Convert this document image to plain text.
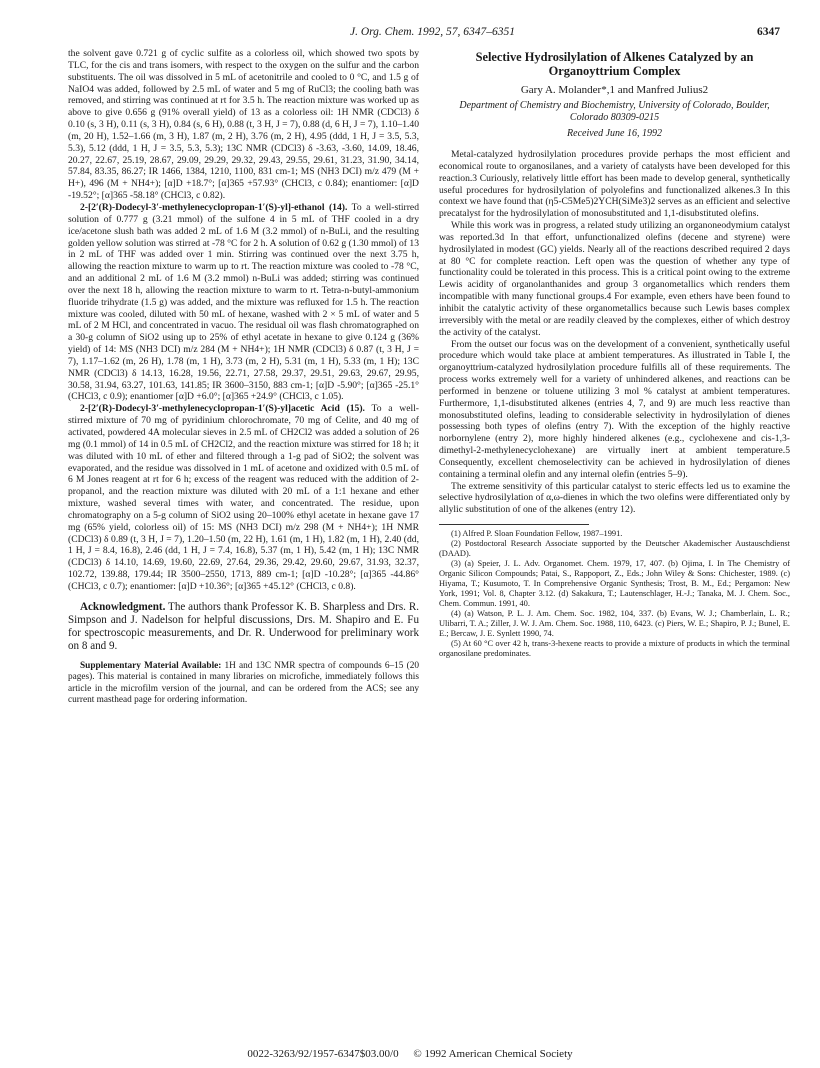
J. Org. Chem. 1992, 57, 6347–6351	6347

the solvent gave 0.721 g of cyclic sulfite as a colorless oil, which showed two spots by TLC, for the cis and trans isomers, with respect to the oxygen on the sulfur and the carbon substituents. The oil was dissolved in 5 mL of acetonitrile and cooled to 0 °C, and 1.5 g of NaIO4 was added, followed by 2.5 mL of water and 5 mg of RuCl3; the cooling bath was removed, and stirring was continued at rt for 3.5 h. The reaction mixture was worked up as above to give 0.656 g (91% overall yield) of 13 as a colorless oil: 1H NMR (CDCl3) δ 0.10 (s, 3 H), 0.11 (s, 3 H), 0.84 (s, 6 H), 0.88 (t, 3 H, J = 7), 0.88 (d, 6 H, J = 7), 1.10–1.40 (m, 20 H), 1.52–1.66 (m, 3 H), 1.87 (m, 2 H), 3.76 (m, 2 H), 4.95 (ddd, 1 H, J = 3.5, 5.3, 5.3), 5.12 (ddd, 1 H, J = 3.5, 5.3, 5.3); 13C NMR (CDCl3) δ -3.63, -3.60, 14.09, 18.46, 20.27, 22.67, 25.19, 28.67, 29.09, 29.29, 29.32, 29.43, 29.55, 29.61, 31.23, 31.90, 34.14, 57.84, 83.35, 86.27; IR 1466, 1384, 1210, 1100, 831 cm-1; MS (NH3 DCI) m/z 479 (M + H+), 496 (M + NH4+); [α]D +18.7°; [α]365 +57.93° (CHCl3, c 0.84); enantiomer: [α]D -19.52°; [α]365 -58.18° (CHCl3, c 0.82).

2-[2′(R)-Dodecyl-3′-methylenecyclopropan-1′(S)-yl]-ethanol (14). To a well-stirred solution of 0.777 g (3.21 mmol) of the sulfone 4 in 5 mL of THF cooled in a dry ice/acetone slush bath was added 2 mL of 1.6 M (3.2 mmol) of n-BuLi, and the resulting golden yellow solution was stirred at -78 °C for 2 h. A solution of 0.62 g (1.30 mmol) of 13 in 2 mL of THF was added over 1 min. Stirring was continued over the next 3.75 h, allowing the reaction mixture to warm up to rt. The reaction mixture was cooled to -78 °C, and an additional 2 mL of 1.6 M (3.2 mmol) n-BuLi was added; stirring was continued over the next 18 h, allowing the reaction mixture to warm to rt. Tetra-n-butyl-ammonium fluoride trihydrate (1.5 g) was added, and the mixture was refluxed for 1.5 h. The reaction mixture was cooled, diluted with 50 mL of hexane, washed with 2 × 5 mL of water and 5 mL of 2 M HCl, and concentrated in vacuo. The residual oil was flash chromatographed on a 30-g column of SiO2 using up to 25% of ethyl acetate in hexane to give 0.124 g (36% yield) of 14: MS (NH3 DCI) m/z 284 (M + NH4+); 1H NMR (CDCl3) δ 0.87 (t, 3 H, J = 7), 1.17–1.62 (m, 26 H), 1.78 (m, 1 H), 3.73 (m, 2 H), 5.31 (m, 1 H), 5.33 (m, 1 H); 13C NMR (CDCl3) δ 14.13, 16.28, 19.56, 22.71, 27.58, 29.37, 29.51, 29.63, 29.67, 29.95, 30.58, 31.94, 63.27, 101.63, 141.85; IR 3600–3150, 883 cm-1; [α]D -5.90°; [α]365 -25.1° (CHCl3, c 0.9); enantiomer [α]D +6.0°; [α]365 +24.9° (CHCl3, c 1.05).

2-[2′(R)-Dodecyl-3′-methylenecyclopropan-1′(S)-yl]acetic Acid (15). To a well-stirred mixture of 70 mg of pyridinium chlorochromate, 70 mg of Celite, and 40 mg of activated, powdered 4A molecular sieves in 2.5 mL of CH2Cl2 was added a solution of 26 mg (0.1 mmol) of 14 in 0.5 mL of CH2Cl2, and the reaction mixture was stirred for 18 h; it was diluted with 10 mL of ether and filtered through a 1-g pad of SiO2; the solvent was evaporated, and the residue was dissolved in 1 mL of acetone and oxidized with 0.5 mL of 6 M Jones reagent at rt for 6 h; excess of the reagent was reduced with the addition of 2-propanol, and the reaction mixture was diluted with 20 mL of a 1:1 hexane and ether mixture, washed several times with water, and concentrated. The residue, upon chromatography on a 5-g column of SiO2 using 20–100% ethyl acetate in hexane gave 17 mg (65% yield, colorless oil) of 15: MS (NH3 DCI) m/z 298 (M + NH4+); 1H NMR (CDCl3) δ 0.89 (t, 3 H, J = 7), 1.20–1.50 (m, 22 H), 1.61 (m, 1 H), 1.82 (m, 1 H), 2.40 (dd, 1 H, J = 8.4, 16.8), 2.46 (dd, 1 H, J = 7.4, 16.8), 5.37 (m, 1 H), 5.42 (m, 1 H); 13C NMR (CDCl3) δ 14.10, 14.69, 19.60, 22.69, 27.64, 29.36, 29.42, 29.60, 29.67, 31.93, 32.37, 102.72, 139.88, 179.44; IR 3500–2550, 1713, 889 cm-1; [α]D -10.28°; [α]365 -44.86° (CHCl3, c 0.7); enantiomer: [α]D +10.36°; [α]365 +45.12° (CHCl3, c 0.8).

Acknowledgment. The authors thank Professor K. B. Sharpless and Drs. R. Simpson and J. Nadelson for helpful discussions, Drs. M. Shapiro and E. Fu for spectroscopic measurements, and Dr. R. Underwood for preliminary work on 8 and 9.

Supplementary Material Available: 1H and 13C NMR spectra of compounds 6–15 (20 pages). This material is contained in many libraries on microfiche, immediately follows this article in the microfilm version of the journal, and can be ordered from the ACS; see any current masthead page for ordering information.

Selective Hydrosilylation of Alkenes Catalyzed by an Organoyttrium Complex
Gary A. Molander*,1 and Manfred Julius2
Department of Chemistry and Biochemistry, University of Colorado, Boulder, Colorado 80309-0215
Received June 16, 1992

Metal-catalyzed hydrosilylation procedures provide perhaps the most efficient and economical route to organosilanes, and a variety of catalysts have been developed for this reaction.3 Curiously, relatively little effort has been made to develop general, synthetically useful procedures for hydrosilylation of polyolefins and functionalized alkenes.3 In this context we have found that (η5-C5Me5)2YCH(SiMe3)2 serves as an efficient and selective precatalyst for the hydrosilylation of monosubstituted and 1,1-disubstituted olefins.

While this work was in progress, a related study utilizing an organoneodymium catalyst was reported.3d In that effort, unfunctionalized olefins (decene and styrene) were hydrosilylated in modest (GC) yields. Nearly all of the reactions described required 2 days at 80 °C for complete reaction. Left open was the question of whether any type of functionality could be tolerated in this process. This is a critical point owing to the extreme Lewis acidity of organolanthanides and group 3 organometallics which renders them incompatible with many functional groups.4 For example, even ethers have been found to inhibit the catalytic activity of these organometallics because such Lewis bases complex irreversibly with the metal or are readily cleaved by the complexes, either of which destroy the activity of the catalyst.

From the outset our focus was on the development of a convenient, synthetically useful procedure which would take place at ambient temperatures. As illustrated in Table I, the organoyttrium-catalyzed hydrosilylation procedure fulfills all of these requirements. The process works extremely well for a variety of unhindered alkenes, and reactions can be performed in benzene or toluene utilizing 3 mol % catalyst at ambient temperatures. Furthermore, 1,1-disubstituted alkenes (entries 4, 7, and 9) are much less reactive than monosubstituted olefins, leading to considerable selectivity in hydrosilylation of dienes possessing both types of olefins (entry 7). With the exception of the highly reactive norbornylene (entry 2), more highly hindered alkenes (e.g., cyclohexene and cis-1,3-dimethyl-2-methylenecyclohexane) are virtually inert at ambient temperature.5 Consequently, excellent chemoselectivity can be achieved in hydrosilylation of dienes containing a terminal olefin and any internal olefin (entries 5–9).

The extreme sensitivity of this particular catalyst to steric effects led us to examine the selective hydrosilylation of α,ω-dienes in which the two olefins were differentiated only by allylic substitution of one of the alkenes (entry 12).

(1) Alfred P. Sloan Foundation Fellow, 1987–1991.

(2) Postdoctoral Research Associate supported by the Deutscher Akademischer Austauschdienst (DAAD).

(3) (a) Speier, J. L. Adv. Organomet. Chem. 1979, 17, 407. (b) Ojima, I. In The Chemistry of Organic Silicon Compounds; Patai, S., Rappoport, Z., Eds.; John Wiley & Sons: Chichester, 1989. (c) Hiyama, T.; Kusumoto, T. In Comprehensive Organic Synthesis; Trost, B. M., Ed.; Pergamon: New York, 1991; Vol. 8, Chapter 3.12. (d) Sakakura, T.; Lautenschlager, H.-J.; Tanaka, M. J. Chem. Soc., Chem. Commun. 1991, 40.

(4) (a) Watson, P. L. J. Am. Chem. Soc. 1982, 104, 337. (b) Evans, W. J.; Chamberlain, L. R.; Ulibarri, T. A.; Ziller, J. W. J. Am. Chem. Soc. 1988, 110, 6423. (c) Piers, W. E.; Shapiro, P. J.; Bunel, E. E.; Bercaw, J. E. Synlett 1990, 74.

(5) At 60 °C over 42 h, trans-3-hexene reacts to provide a mixture of products in which the terminal organosilane predominates.

0022-3263/92/1957-6347$03.00/0 © 1992 American Chemical Society
